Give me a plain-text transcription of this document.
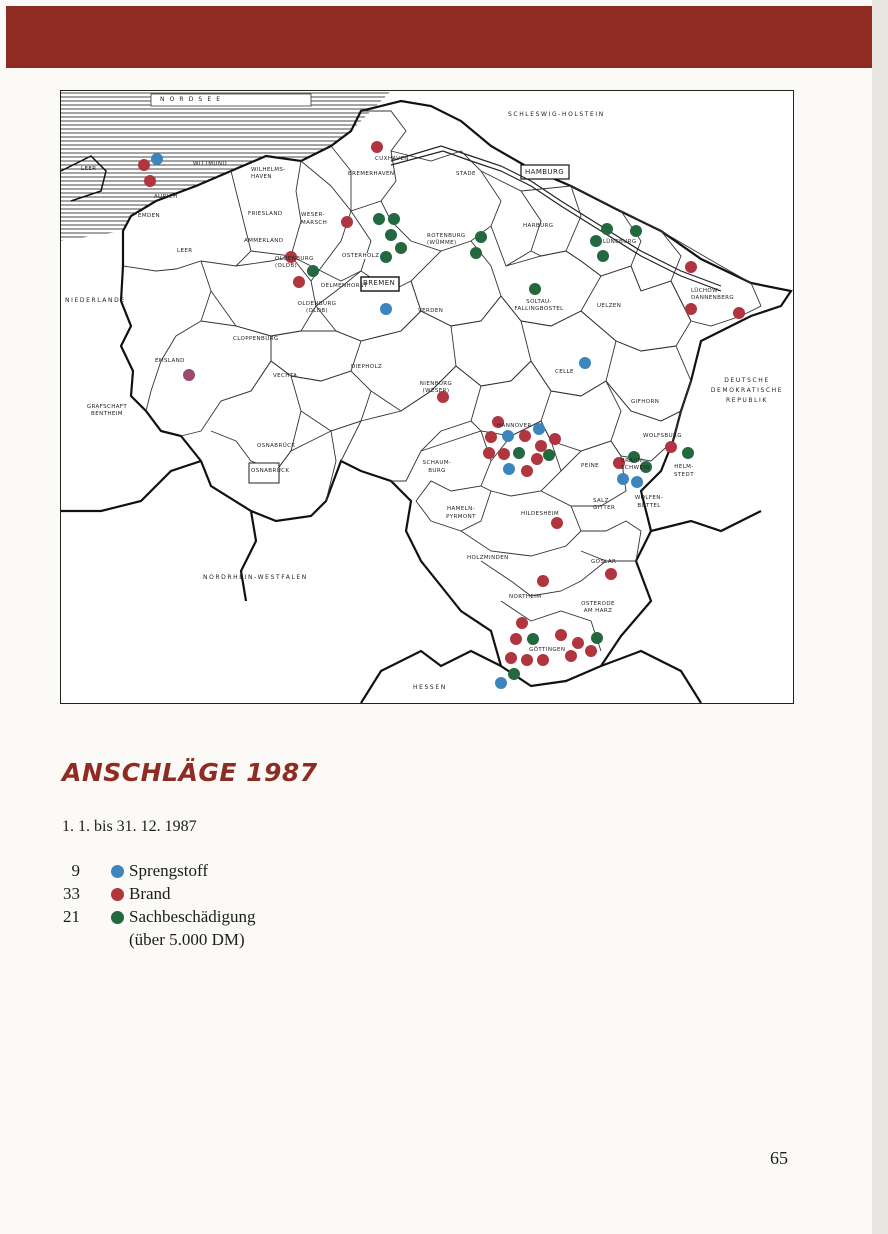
N O R D S E E
LEER
AURICH
EMDEN
WITTMUND
WILHELMS-HAVEN
CUXHAVEN
BREMERHAVEN
SCHLESWIG-HOLSTEIN
STADE	HAMBURG
FRIESLAND	WESER-MARSCH
LEER
AMMERLAND
OLDENBURG (OLDB)
OSTERHOLZ
ROTENBURG (WÜMME)
HARBURG
LÜNEBURG
DELMENHORST
BREMEN
OLDENBURG (OLDB)	VERDEN
SOLTAU-FALLINGBOSTEL	UELZEN
LÜCHOW-DANNENBERG
NIEDERLANDE
CLOPPENBURG
EMSLAND
VECHTA
DIEPHOLZ
CELLE
NIENBURG (WESER)
DEUTSCHE DEMOKRATISCHE REPUBLIK
GRAFSCHAFT BENTHEIM
GIFHORN
HANNOVER
WOLFSBURG
OSNABRÜCK
OSNABRÜCK
SCHAUM-BURG
PEINE
BRAUN-SCHWEIG	HELM-STEDT
HAMELN-PYRMONT	HILDESHEIM
SALZ-GITTER
WOLFEN-BÜTTEL
HOLZMINDEN
GOSLAR
NORDRHEIN-WESTFALEN
NORTHEIM
OSTERODE AM HARZ
GÖTTINGEN
HESSEN
ANSCHLÄGE 1987
1. 1. bis 31. 12. 1987
9	Sprengstoff
33	Brand
21	Sachbeschädigung
(über 5.000 DM)
65
